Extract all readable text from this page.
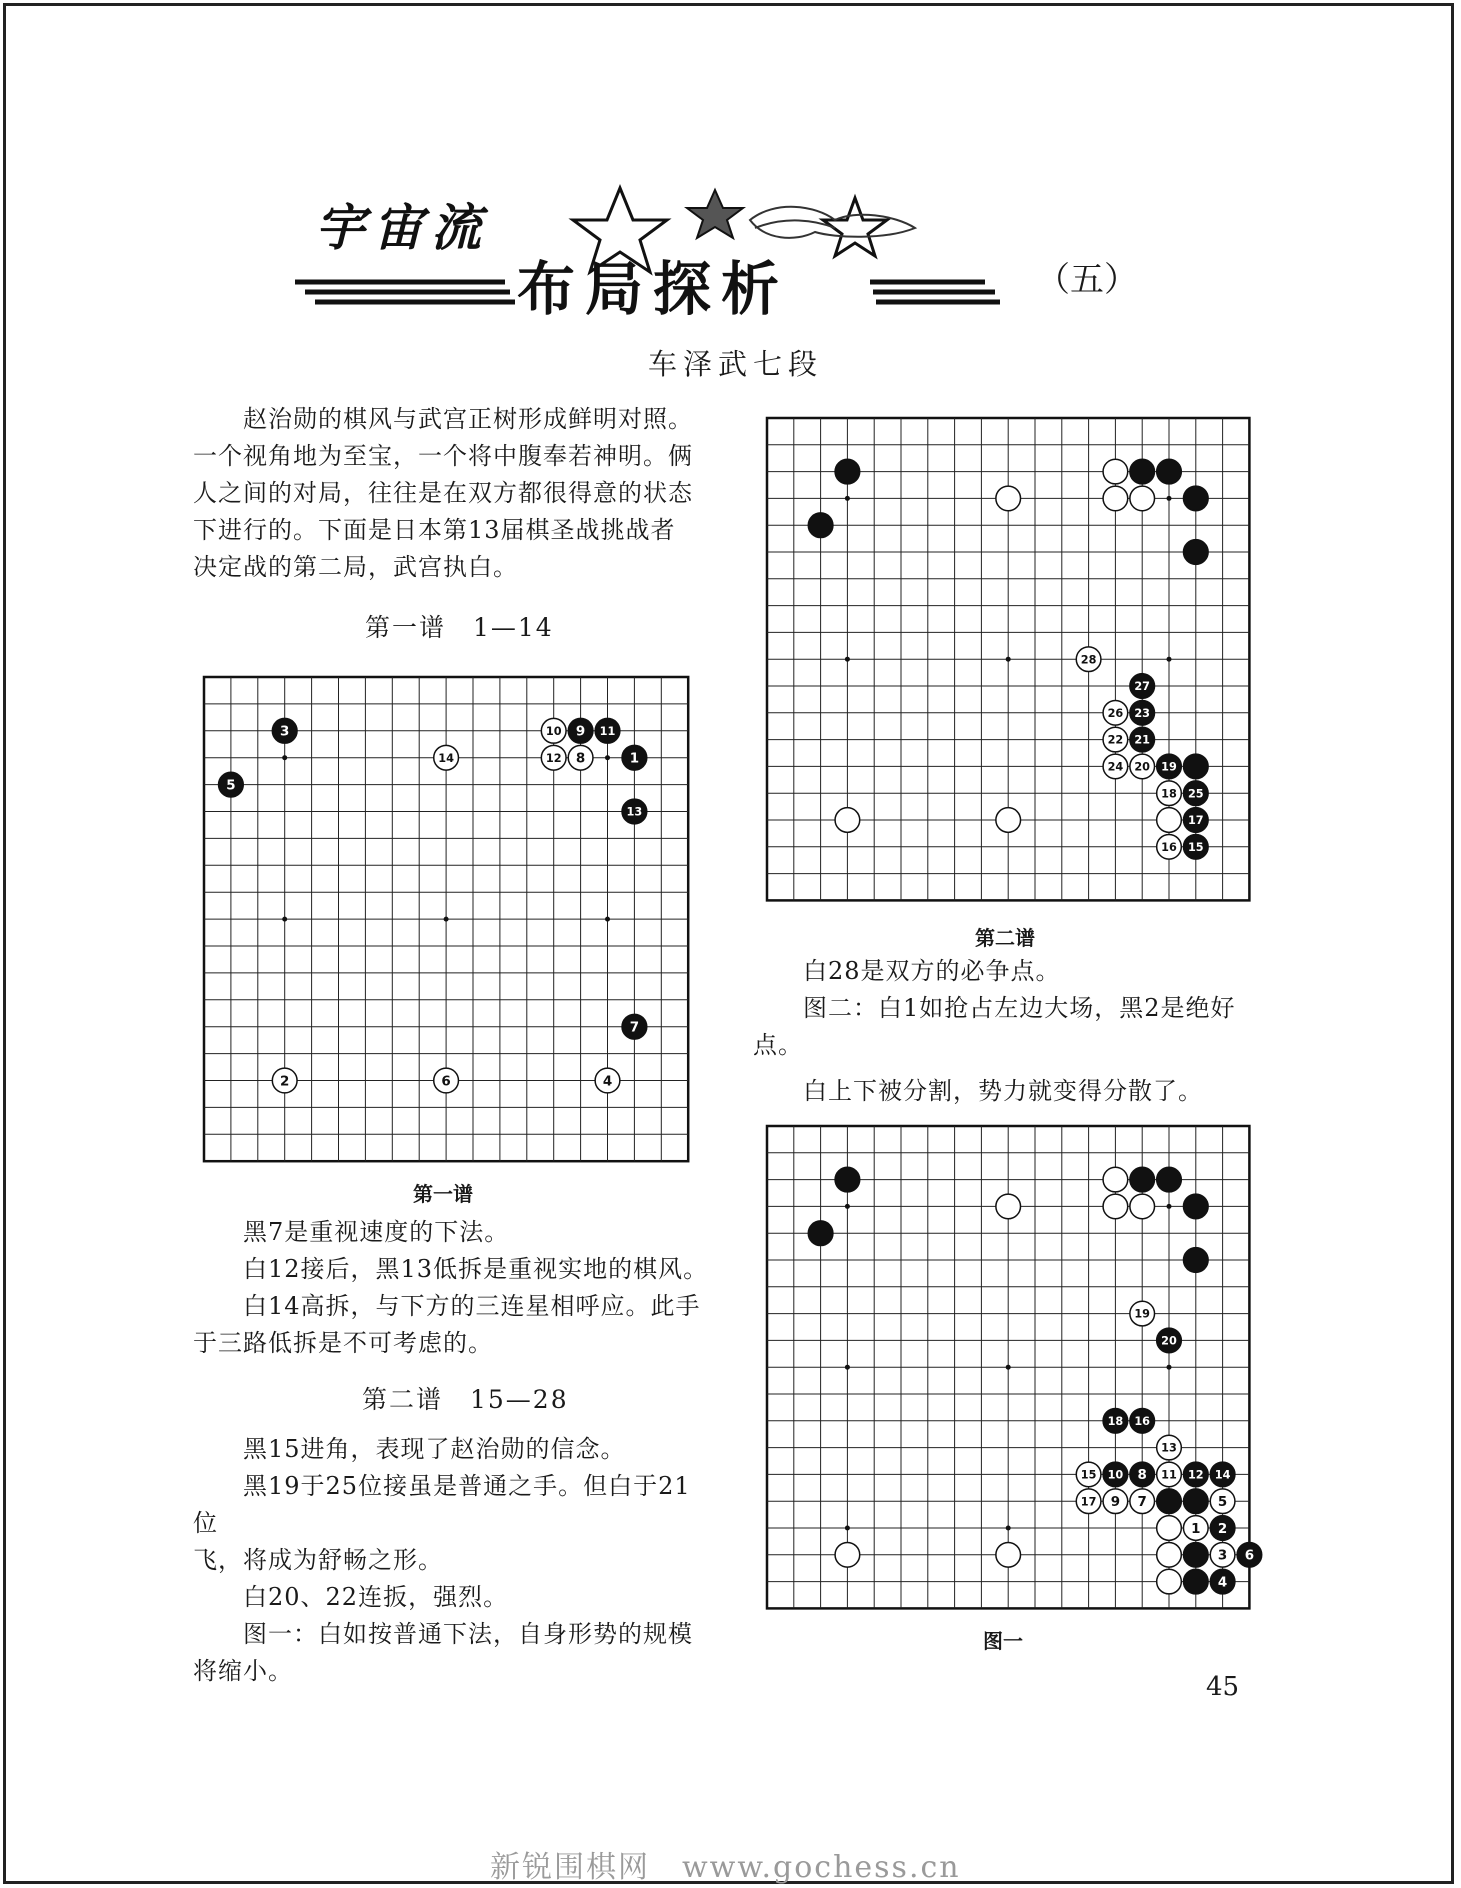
宇宙流
布局探析	（五）
车泽武七段

赵治勋的棋风与武宫正树形成鲜明对照。

一个视角地为至宝，一个将中腹奉若神明。俩

人之间的对局，往往是在双方都很得意的状态

下进行的。下面是日本第13届棋圣战挑战者

决定战的第二局，武宫执白。

第一谱　1—14
3
5
14
10 9 11
12 8	1
13
7
2	6	4
第一谱

黑7是重视速度的下法。

白12接后，黑13低拆是重视实地的棋风。

白14高拆，与下方的三连星相呼应。此手

于三路低拆是不可考虑的。

第二谱　15—28

黑15进角，表现了赵治勋的信念。

黑19于25位接虽是普通之手。但白于21位

飞，将成为舒畅之形。

白20、22连扳，强烈。

图一：白如按普通下法，自身形势的规模

将缩小。

28
27
26 23
22 21
24 20 19
18 25
17
16 15
第二谱

白28是双方的必争点。

图二：白1如抢占左边大场，黑2是绝好

点。

白上下被分割，势力就变得分散了。

19
20
18 16
13
15 10 8 11 12 14
17 9 7	5
1 2
3 6
4
图一
45
新锐围棋网　www.gochess.cn
